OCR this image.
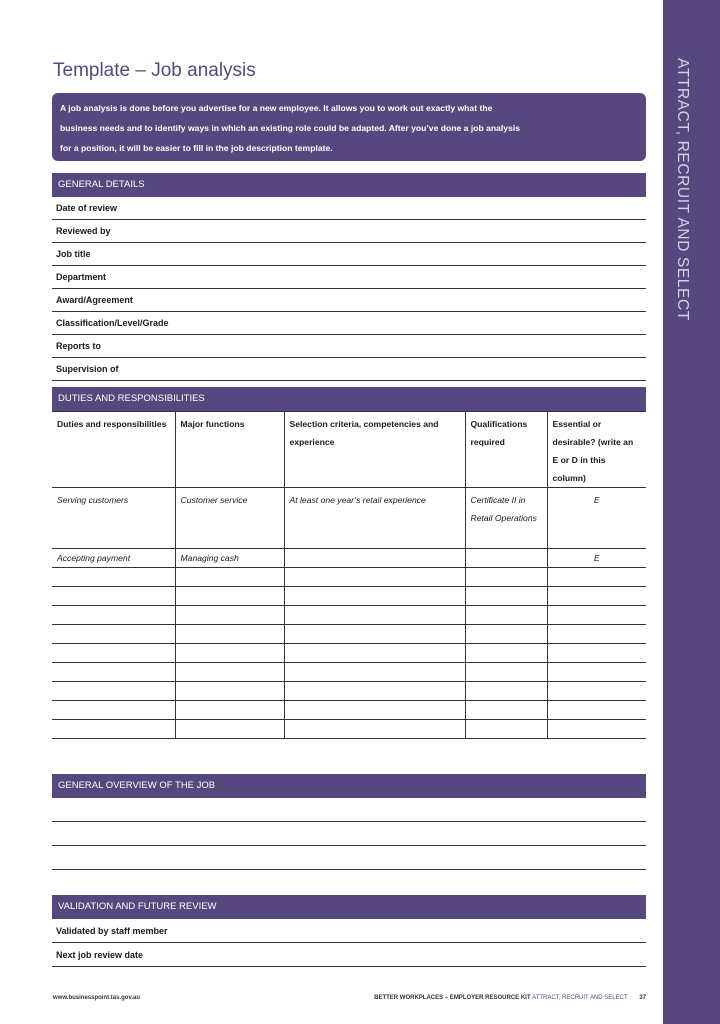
ATTRACT, RECRUIT AND SELECT
Template – Job analysis
A job analysis is done before you advertise for a new employee. It allows you to work out exactly what the
business needs and to identify ways in which an existing role could be adapted. After you’ve done a job analysis
for a position, it will be easier to fill in the job description template.
GENERAL DETAILS
Date of review
Reviewed by
Job title
Department
Award/Agreement
Classification/Level/Grade
Reports to
Supervision of
DUTIES AND RESPONSIBILITIES
Duties and responsibilities	Major functions	Selection criteria, competencies and experience	Qualifications required	Essential or desirable? (write an E or D in this column)
Serving customers	Customer service	At least one year’s retail experience	Certificate II in Retail Operations	E
Accepting payment	Managing cash			E

GENERAL OVERVIEW OF THE JOB
VALIDATION AND FUTURE REVIEW
Validated by staff member
Next job review date
www.businesspoint.tas.gov.au	BETTER WORKPLACES – EMPLOYER RESOURCE KIT ATTRACT, RECRUIT AND SELECT 37
